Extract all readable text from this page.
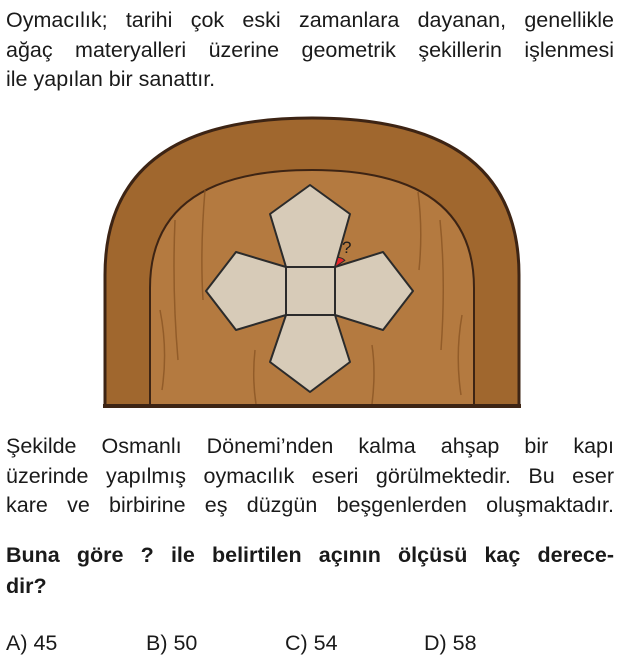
Oymacılık; tarihi çok eski zamanlara dayanan, genellikle
ağaç materyalleri üzerine geometrik şekillerin işlenmesi
ile yapılan bir sanattır.
?
Şekilde Osmanlı Dönemi’nden kalma ahşap bir kapı
üzerinde yapılmış oymacılık eseri görülmektedir. Bu eser
kare ve birbirine eş düzgün beşgenlerden oluşmaktadır.
Buna göre ? ile belirtilen açının ölçüsü kaç derece-
dir?
A) 45	B) 50	C) 54	D) 58
